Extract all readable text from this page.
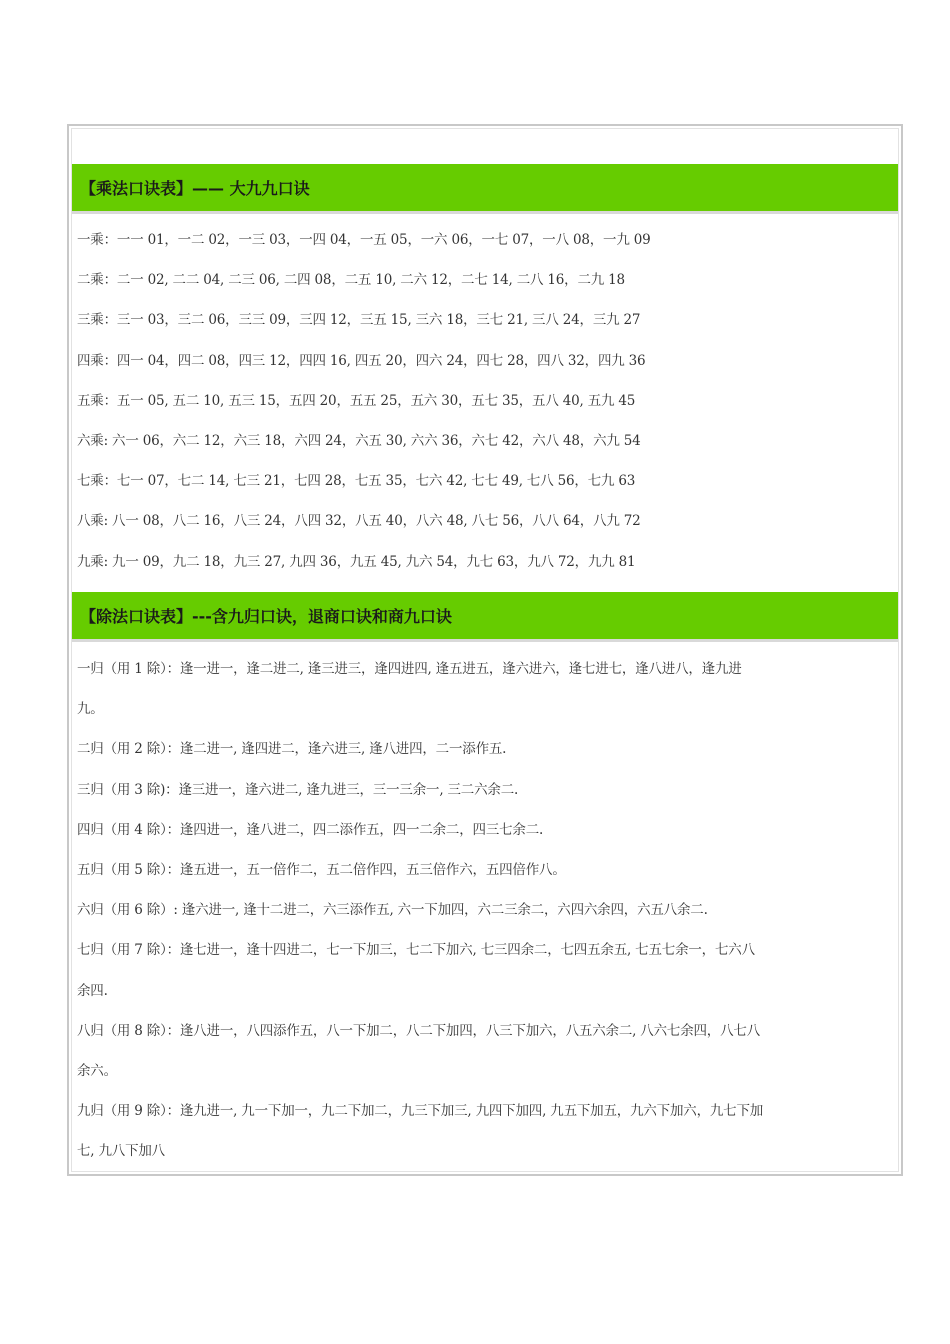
【乘法口诀表】—— 大九九口诀
一乘：一一 01，一二 02，一三 03，一四 04，一五 05，一六 06，一七 07，一八 08，一九 09
二乘：二一 02, 二二 04, 二三 06, 二四 08，二五 10, 二六 12，二七 14, 二八 16，二九 18
三乘：三一 03，三二 06，三三 09，三四 12，三五 15, 三六 18，三七 21, 三八 24，三九 27
四乘：四一 04，四二 08，四三 12，四四 16, 四五 20，四六 24，四七 28，四八 32，四九 36
五乘：五一 05, 五二 10, 五三 15，五四 20，五五 25，五六 30，五七 35，五八 40, 五九 45
六乘: 六一 06，六二 12，六三 18，六四 24，六五 30, 六六 36，六七 42，六八 48，六九 54
七乘：七一 07，七二 14, 七三 21，七四 28，七五 35，七六 42, 七七 49, 七八 56，七九 63
八乘: 八一 08，八二 16，八三 24，八四 32，八五 40，八六 48, 八七 56，八八 64，八九 72
九乘: 九一 09，九二 18，九三 27, 九四 36，九五 45, 九六 54，九七 63，九八 72，九九 81
【除法口诀表】---含九归口诀，退商口诀和商九口诀
一归（用 1 除）：逢一进一，逢二进二, 逢三进三，逢四进四, 逢五进五，逢六进六，逢七进七，逢八进八，逢九进
九。
二归（用 2 除）：逢二进一, 逢四进二，逢六进三, 逢八进四，二一添作五.
三归（用 3 除)：逢三进一，逢六进二, 逢九进三，三一三余一, 三二六余二.
四归（用 4 除）：逢四进一，逢八进二，四二添作五，四一二余二，四三七余二.
五归（用 5 除）：逢五进一，五一倍作二，五二倍作四，五三倍作六，五四倍作八。
六归（用 6 除）: 逢六进一, 逢十二进二，六三添作五, 六一下加四，六二三余二，六四六余四，六五八余二.
七归（用 7 除）：逢七进一，逢十四进二，七一下加三，七二下加六, 七三四余二，七四五余五, 七五七余一，七六八
余四.
八归（用 8 除）：逢八进一，八四添作五，八一下加二，八二下加四，八三下加六，八五六余二, 八六七余四，八七八
余六。
九归（用 9 除）：逢九进一, 九一下加一，九二下加二，九三下加三, 九四下加四, 九五下加五，九六下加六，九七下加
七, 九八下加八
